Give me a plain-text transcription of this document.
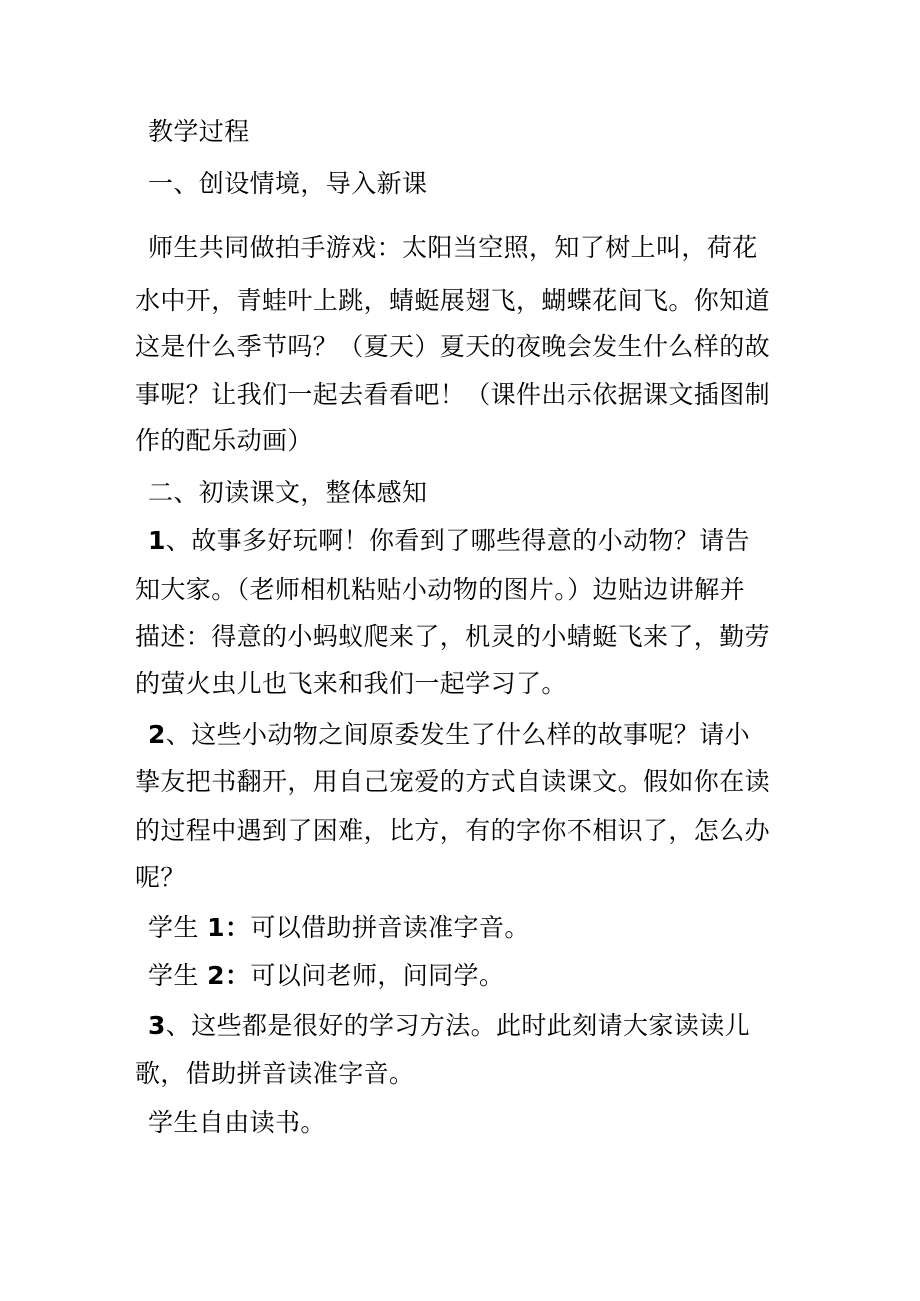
教学过程
一、创设情境，导入新课
师生共同做拍手游戏：太阳当空照，知了树上叫，荷花
水中开，青蛙叶上跳，蜻蜓展翅飞，蝴蝶花间飞。你知道
这是什么季节吗？（夏天）夏天的夜晚会发生什么样的故
事呢？让我们一起去看看吧！（课件出示依据课文插图制
作的配乐动画）
二、初读课文，整体感知
1、故事多好玩啊！你看到了哪些得意的小动物？请告
知大家。（老师相机粘贴小动物的图片。）边贴边讲解并
描述：得意的小蚂蚁爬来了，机灵的小蜻蜓飞来了，勤劳
的萤火虫儿也飞来和我们一起学习了。
2、这些小动物之间原委发生了什么样的故事呢？请小
挚友把书翻开，用自己宠爱的方式自读课文。假如你在读
的过程中遇到了困难，比方，有的字你不相识了，怎么办
呢？
学生 1：可以借助拼音读准字音。
学生 2：可以问老师，问同学。
3、这些都是很好的学习方法。此时此刻请大家读读儿
歌，借助拼音读准字音。
学生自由读书。
